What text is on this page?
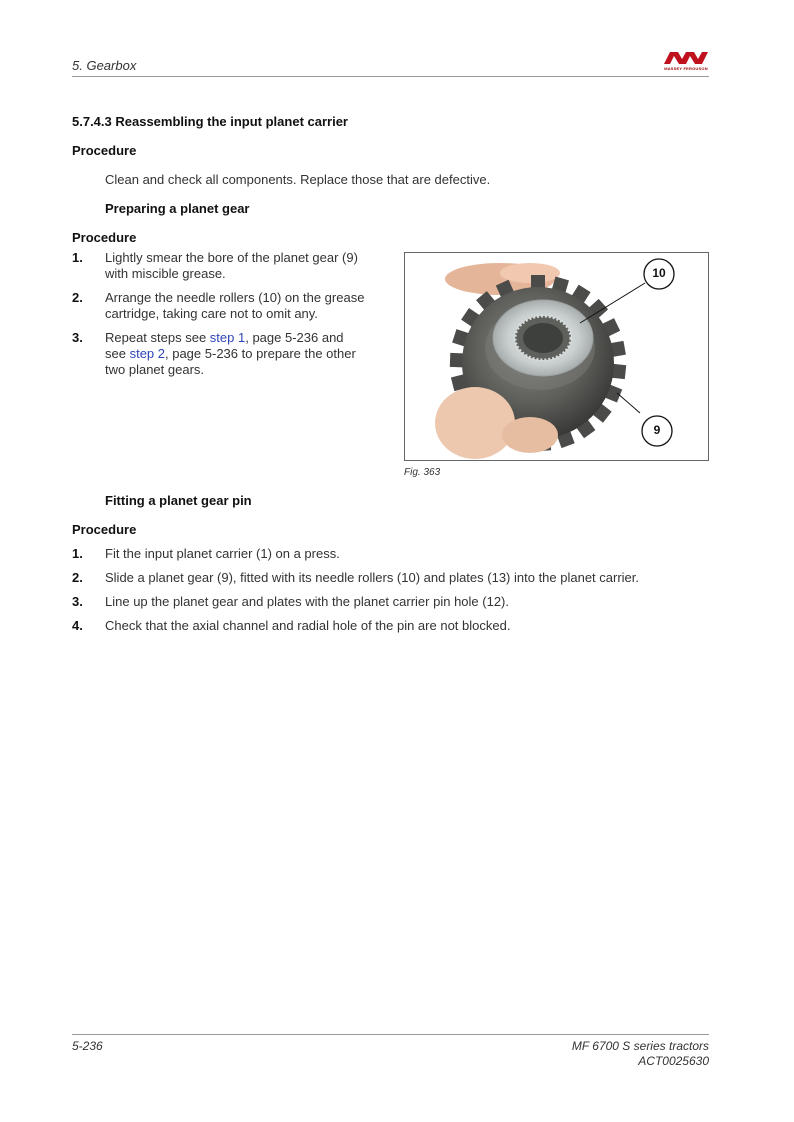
5. Gearbox	MASSEY FERGUSON
5.7.4.3 Reassembling the input planet carrier
Procedure
Clean and check all components. Replace those that are defective.
Preparing a planet gear
Procedure
1. Lightly smear the bore of the planet gear (9)
with miscible grease.
2. Arrange the needle rollers (10) on the grease
cartridge, taking care not to omit any.
3. Repeat steps see step 1, page 5-236 and
see step 2, page 5-236 to prepare the other
two planet gears.
10
9
Fig. 363
Fitting a planet gear pin
Procedure
1. Fit the input planet carrier (1) on a press.
2. Slide a planet gear (9), fitted with its needle rollers (10) and plates (13) into the planet carrier.
3. Line up the planet gear and plates with the planet carrier pin hole (12).
4. Check that the axial channel and radial hole of the pin are not blocked.
5-236	MF 6700 S series tractors
ACT0025630
